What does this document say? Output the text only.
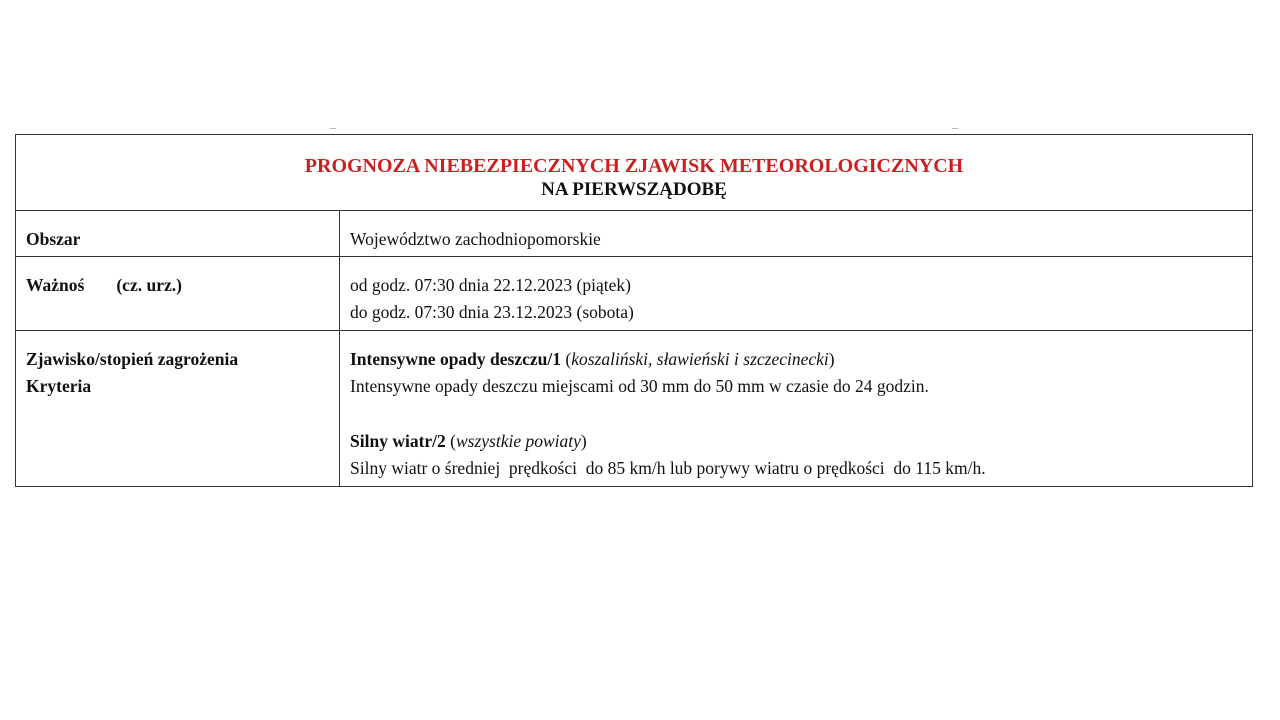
PROGNOZA NIEBEZPIECZNYCH ZJAWISK METEOROLOGICZNYCH
NA PIERWSZĄDOBĘ	

Obszar	Województwo zachodniopomorskie

Ważnoś (cz. urz.)	od godz. 07:30 dnia 22.12.2023 (piątek)
do godz. 07:30 dnia 23.12.2023 (sobota)

Zjawisko/stopień zagrożenia
Kryteria	Intensywne opady deszczu/1 (koszaliński, sławieński i szczecinecki)
Intensywne opady deszczu miejscami od 30 mm do 50 mm w czasie do 24 godzin.
Silny wiatr/2 (wszystkie powiaty)
Silny wiatr o średniej  prędkości  do 85 km/h lub porywy wiatru o prędkości  do 115 km/h.
